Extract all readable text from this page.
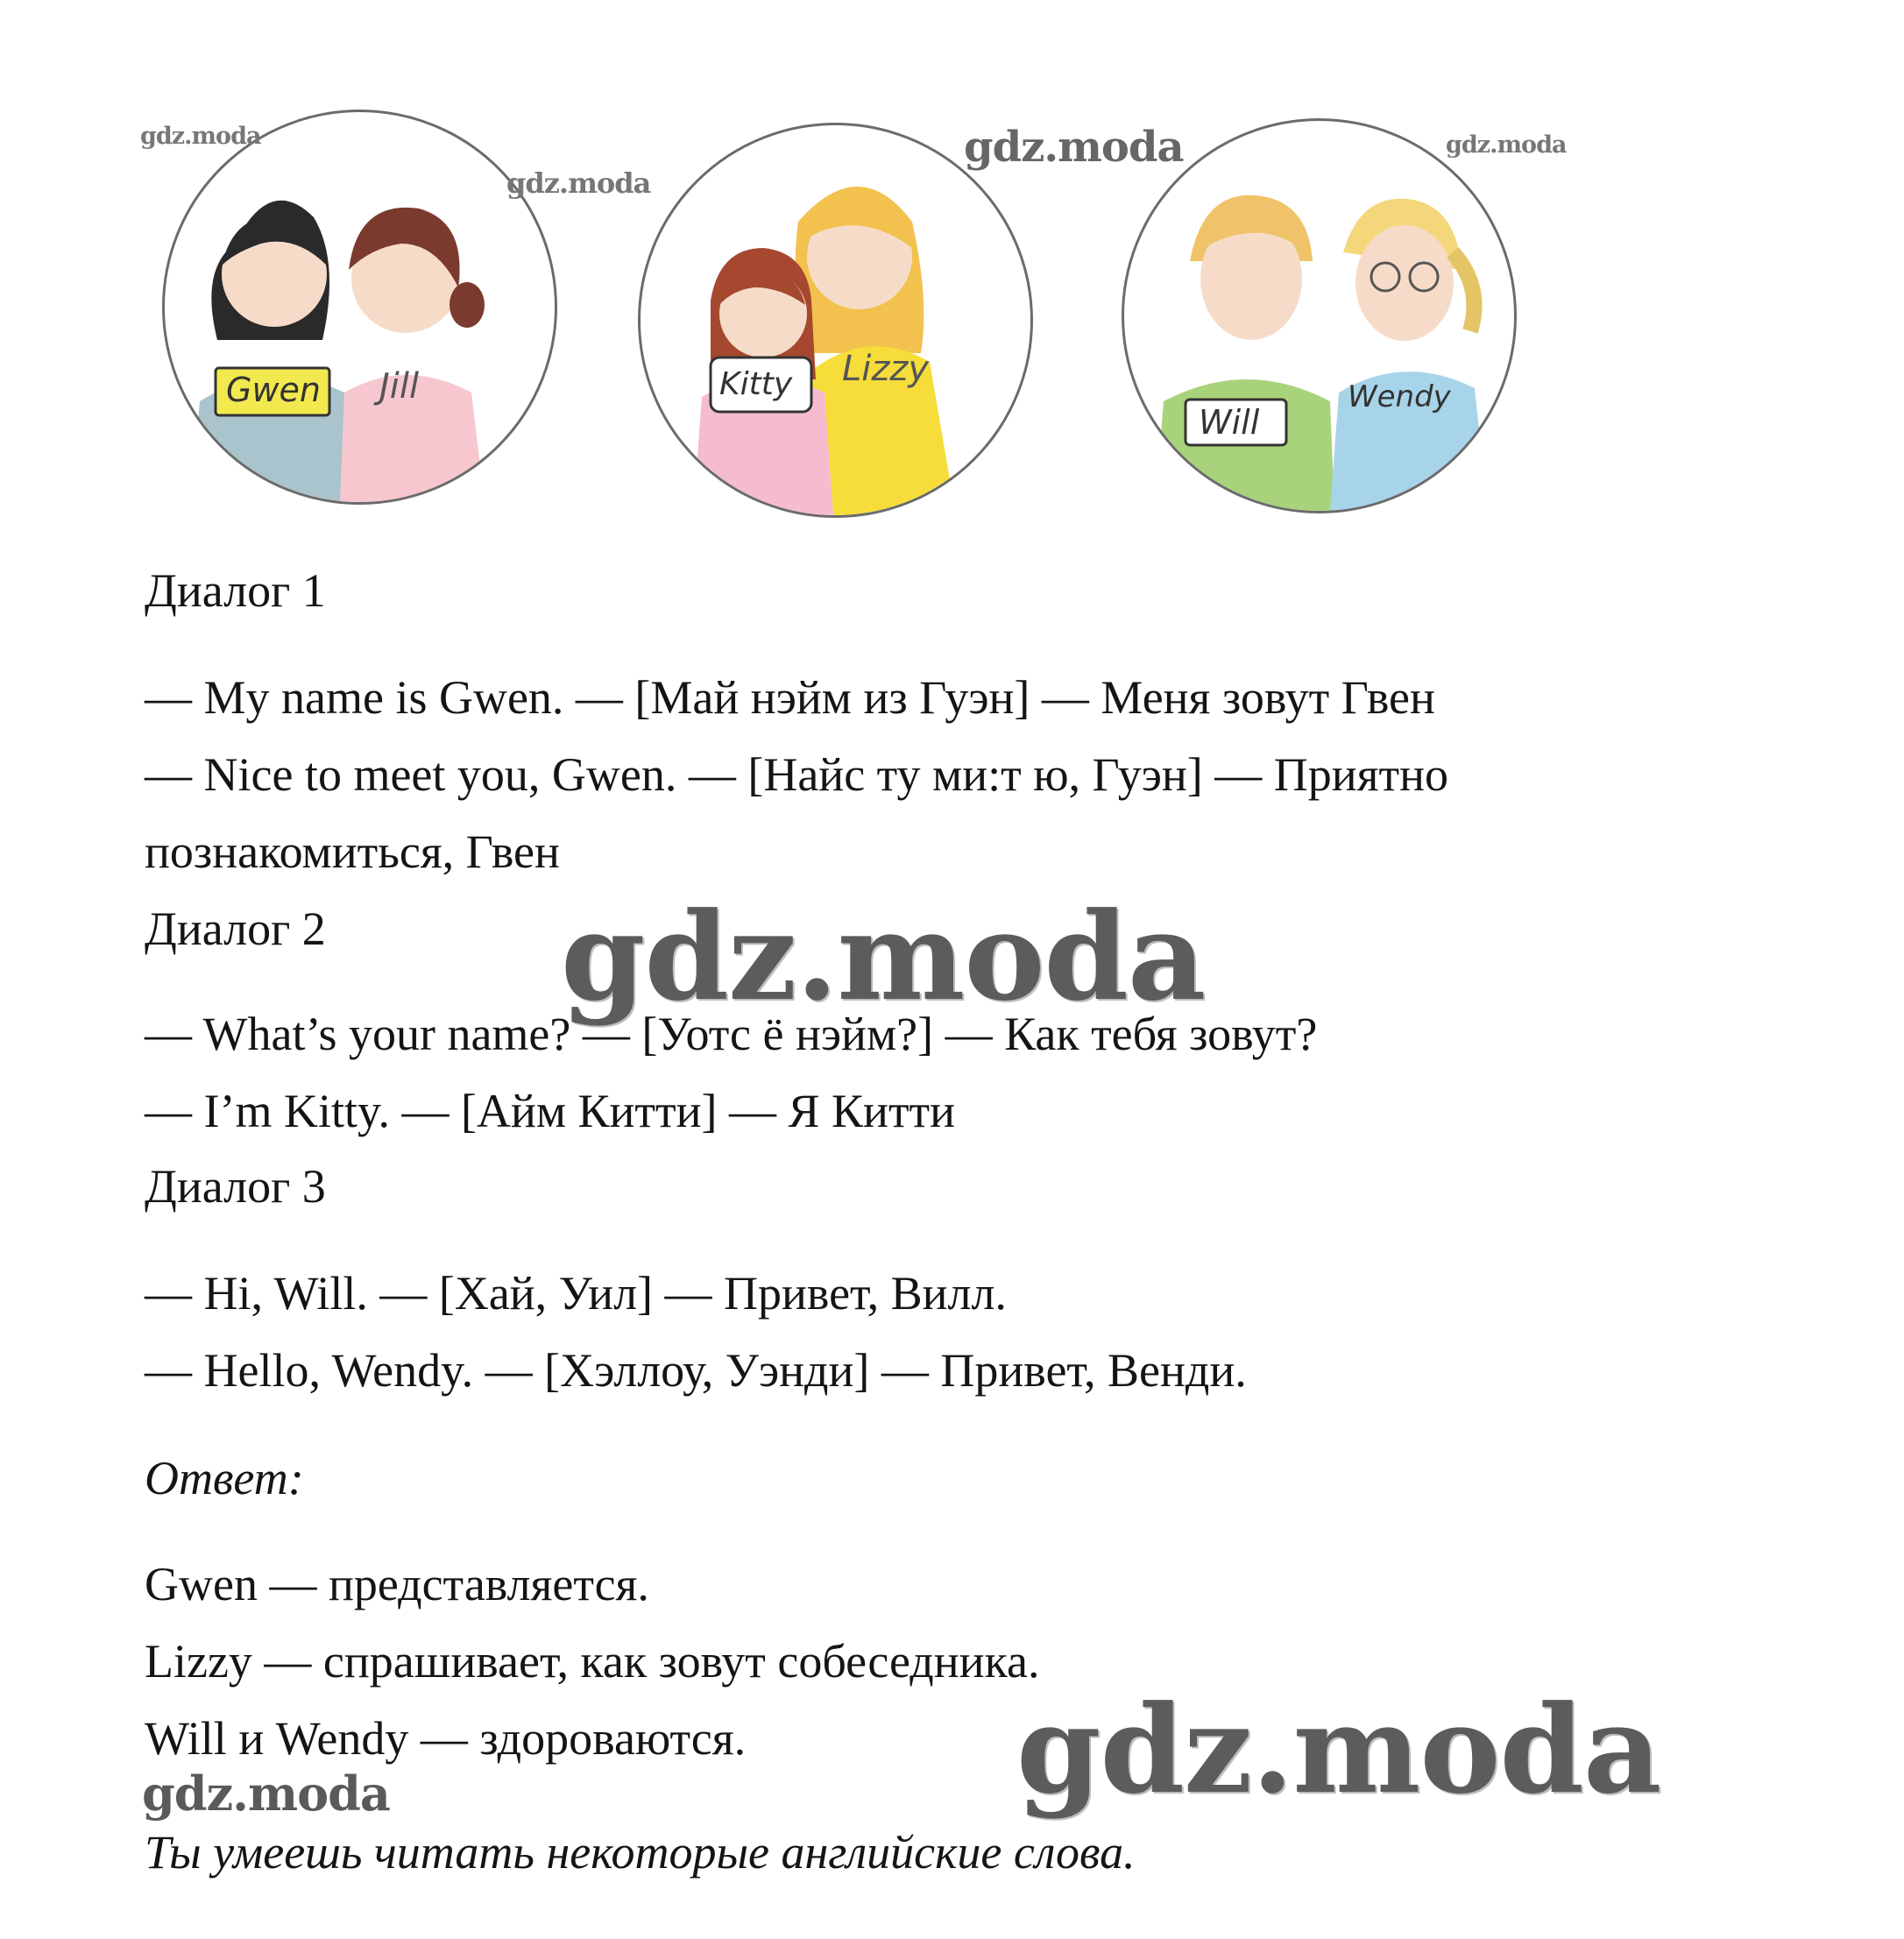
Gwen Jill	Kitty Lizzy
Will
Wendy
gdz.moda
gdz.moda
gdz.moda	gdz.moda
Диалог 1
— My name is Gwen. — [Май нэйм из Гуэн] — Меня зовут Гвен
— Nice to meet you, Gwen. — [Найс ту ми:т ю, Гуэн] — Приятно
познакомиться, Гвен
Диалог 2
— What’s your name? — [Уотс ё нэйм?] — Как тебя зовут?
— I’m Kitty. — [Айм Китти] — Я Китти
Диалог 3
— Hi, Will. — [Хай, Уил] — Привет, Вилл.
— Hello, Wendy. — [Хэллоу, Уэнди] — Привет, Венди.
Ответ:
Gwen — представляется.
Lizzy — спрашивает, как зовут собеседника.
Will и Wendy — здороваются.
Ты умеешь читать некоторые английские слова.
gdz.moda
gdz.moda
gdz.moda
